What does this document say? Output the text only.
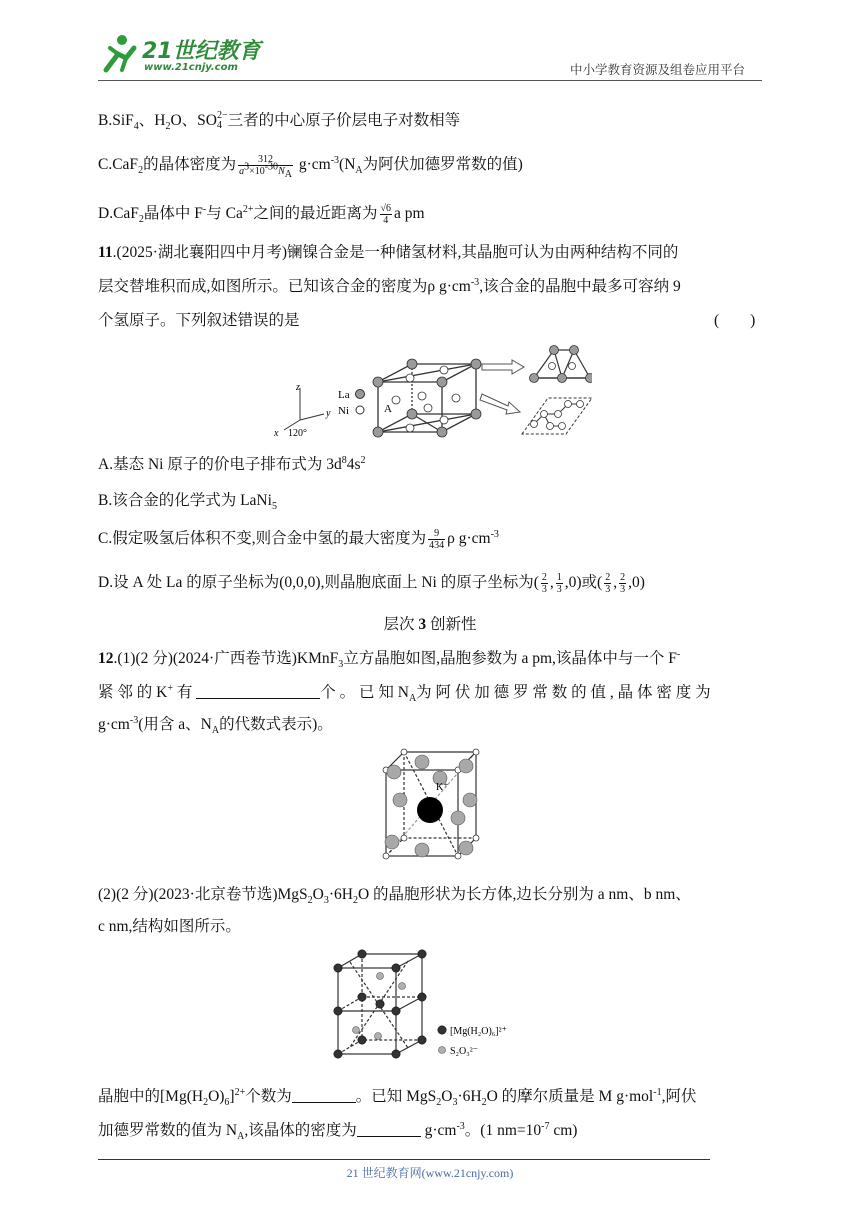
21世纪教育
www.21cnjy.com	中小学教育资源及组卷应用平台
B.SiF$_4$、$H_2O$、SO 2−
4 三者的中心原子价层电子对数相等
C.CaF$_2$的晶体密度为 $\frac{312}{a^3\times 10^{-30}N_A} g\cdot cm^{-3}(N_A$为阿伏加德罗常数的值)
D.CaF$_2$晶体中 F-与 $Ca^{2+}$之间的最近距离为 $\frac{√6}{4}$ a pm
11.(2025·湖北襄阳四中月考)镧镍合金是一种储氢材料,其晶胞可认为由两种结构不同的
层交替堆积而成,如图所示。已知该合金的密度为ρ $g\cdot cm^{-3}$,该合金的晶胞中最多可容纳 9
个氢原子。下列叙述错误的是	(　　)
z
y
x 120°
La
Ni	A
A.基态 Ni 原子的价电子排布式为 $3d^84s^2$
B.该合金的化学式为 LaNi$_5$
C.假定吸氢后体积不变,则合金中氢的最大密度为 $\frac{9}{434}$ ρ $g\cdot cm^{-3}$
D.设 A 处 La 的原子坐标为(0,0,0),则晶胞底面上 Ni 的原子坐标为( $\frac{2}{3}$ , $\frac{1}{3} ,0$)或( $\frac{2}{3}$ , $\frac{2}{3} ,0$)
层次 3 创新性
12.(1)(2 分)(2024·广西卷节选)KMnF$_3$立方晶胞如图,晶胞参数为 a pm,该晶体中与一个 F-
紧 邻 的 K+ 有	个 。 已 知 $N_A$为 阿 伏 加 德 罗 常 数 的 值 , 晶 体 密 度 为
$g\cdot cm^{-3}$(用含 a、$N_A$的代数式表示)。
K⁺
(2)(2 分)(2023·北京卷节选)$MgS_2O_3\cdot 6H_2O$ 的晶胞形状为长方体,边长分别为 a nm、b nm、
c nm,结构如图所示。
[Mg(H₂O)₆]²⁺
S₂O₃²⁻
晶胞中的$[Mg(H_2O)_6]^{2+}$个数为	。已知 $MgS_2O_3\cdot 6H_2O$ 的摩尔质量是 M g·mol$^{-1}$,阿伏
加德罗常数的值为 $N_A$,该晶体的密度为	$g\cdot cm^{-3}$。(1 $nm=10^{-7}$ cm)
21 世纪教育网(www.21cnjy.com)
